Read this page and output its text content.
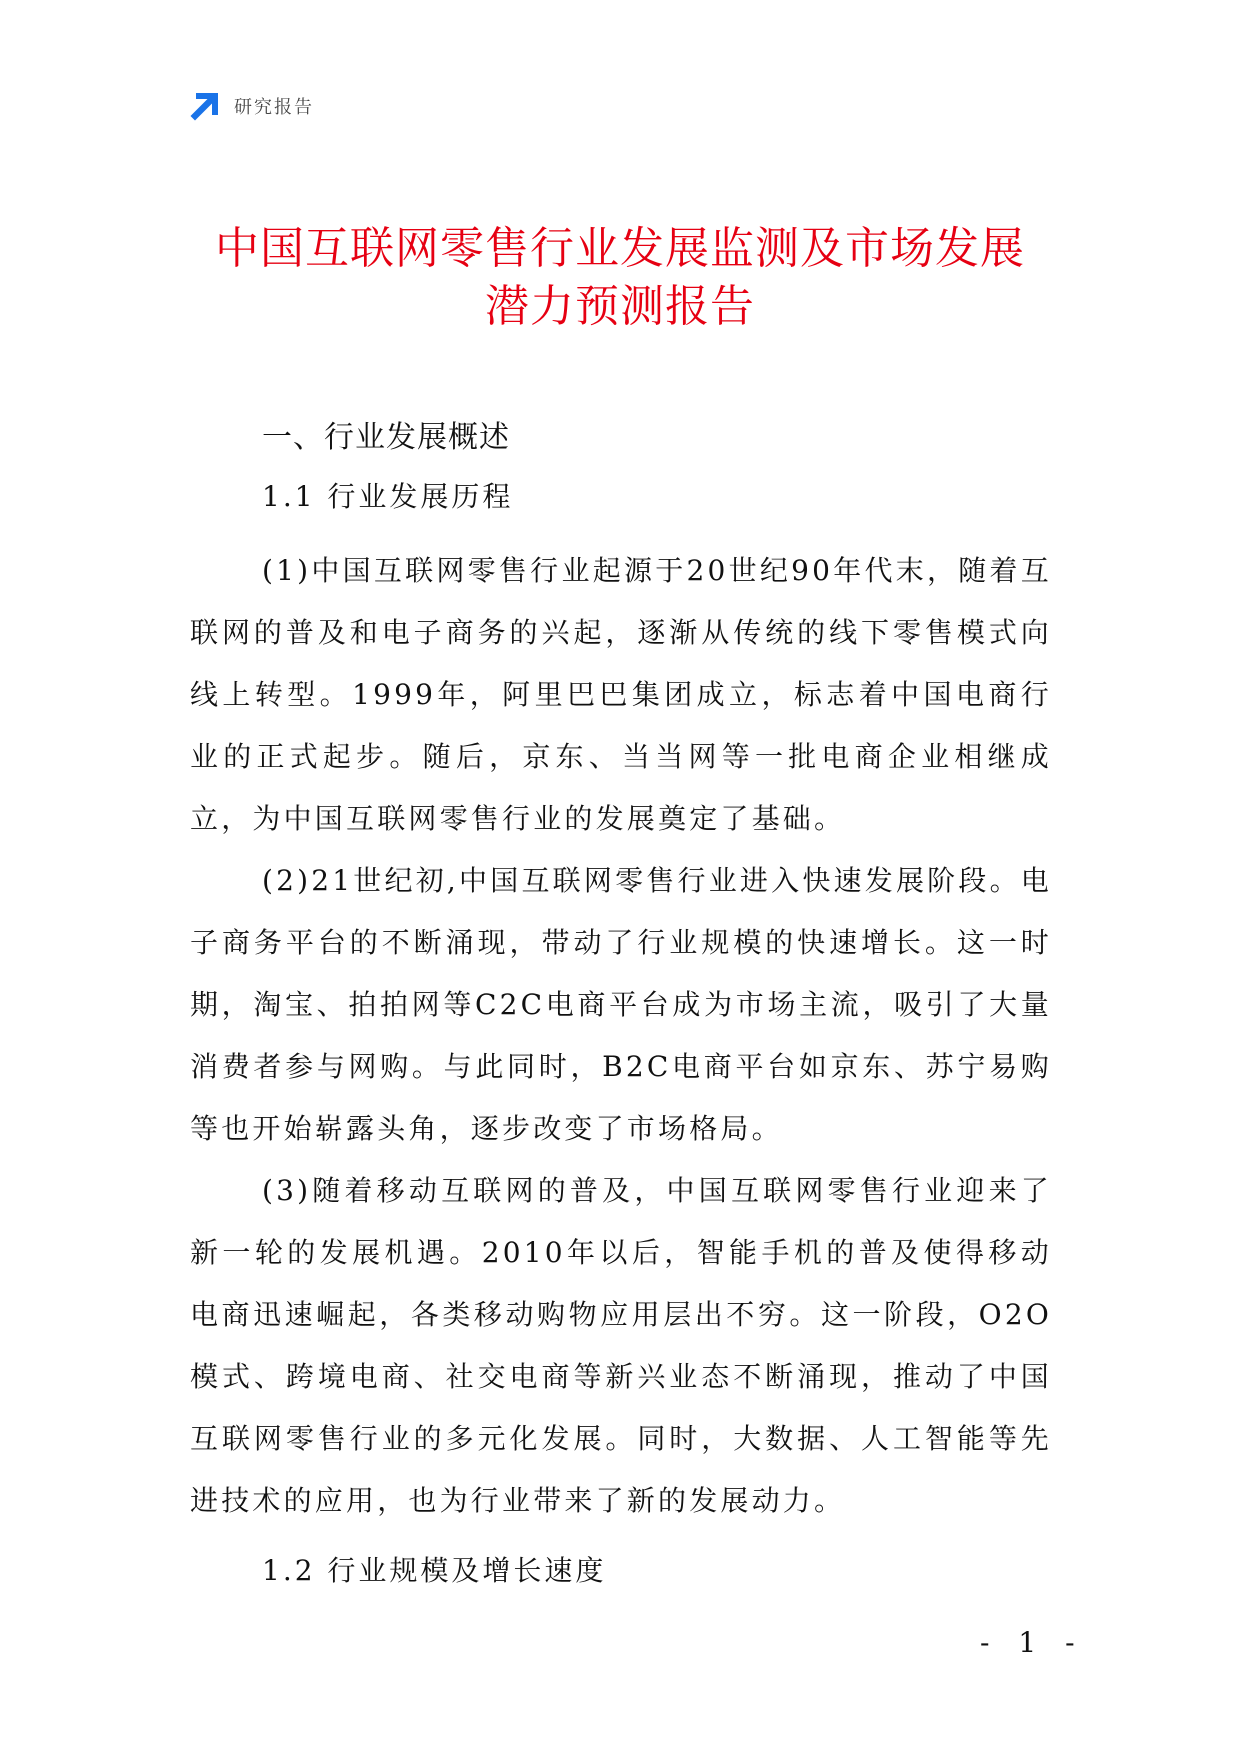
研究报告
中国互联网零售行业发展监测及市场发展
潜力预测报告
一、行业发展概述
1.1 行业发展历程

(1)中国互联网零售行业起源于20世纪90年代末，随着互联网的普及和电子商务的兴起，逐渐从传统的线下零售模式向线上转型。1999年，阿里巴巴集团成立，标志着中国电商行业的正式起步。随后，京东、当当网等一批电商企业相继成立，为中国互联网零售行业的发展奠定了基础。

(2)21世纪初,中国互联网零售行业进入快速发展阶段。电子商务平台的不断涌现，带动了行业规模的快速增长。这一时期，淘宝、拍拍网等C2C电商平台成为市场主流，吸引了大量消费者参与网购。与此同时，B2C电商平台如京东、苏宁易购等也开始崭露头角，逐步改变了市场格局。

(3)随着移动互联网的普及，中国互联网零售行业迎来了新一轮的发展机遇。2010年以后，智能手机的普及使得移动电商迅速崛起，各类移动购物应用层出不穷。这一阶段，O2O模式、跨境电商、社交电商等新兴业态不断涌现，推动了中国互联网零售行业的多元化发展。同时，大数据、人工智能等先进技术的应用，也为行业带来了新的发展动力。

1.2 行业规模及增长速度
- 1 -
